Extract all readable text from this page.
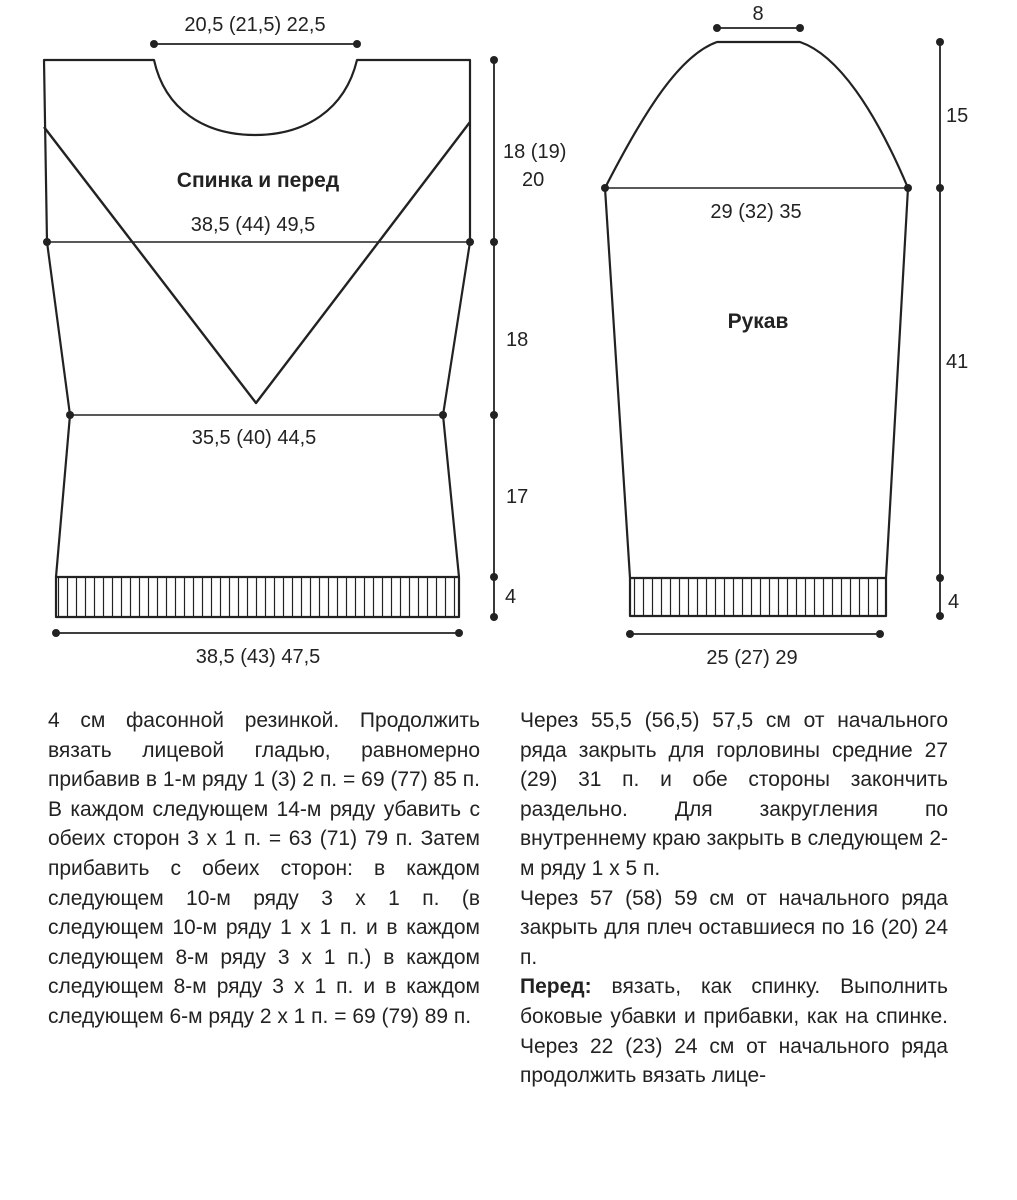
20,5 (21,5) 22,5
Спинка и перед
38,5 (44) 49,5
35,5 (40) 44,5
38,5 (43) 47,5
18 (19)
20
18
17
4
8
29 (32) 35
Рукав
25 (27) 29
15
41
4

4 см фасонной резинкой. Продолжить вязать лицевой гладью, равномерно прибавив в 1-м ряду 1 (3) 2 п. = 69 (77) 85 п. В каждом следующем 14-м ряду убавить с обеих сторон 3 x 1 п. = 63 (71) 79 п. Затем прибавить с обеих сторон: в каждом следующем 10-м ряду 3 x 1 п. (в следующем 10-м ряду 1 x 1 п. и в каждом следующем 8-м ряду 3 x 1 п.) в каждом следующем 8-м ряду 3 x 1 п. и в каждом следующем 6-м ряду 2 x 1 п. = 69 (79) 89 п.

Через 55,5 (56,5) 57,5 см от начального ряда закрыть для горловины средние 27 (29) 31 п. и обе стороны закончить раздельно. Для закругления по внутреннему краю закрыть в следующем 2-м ряду 1 x 5 п.

Через 57 (58) 59 см от начального ряда закрыть для плеч оставшиеся по 16 (20) 24 п.

Перед: вязать, как спинку. Выполнить боковые убавки и прибавки, как на спинке. Через 22 (23) 24 см от начального ряда продолжить вязать лице-
